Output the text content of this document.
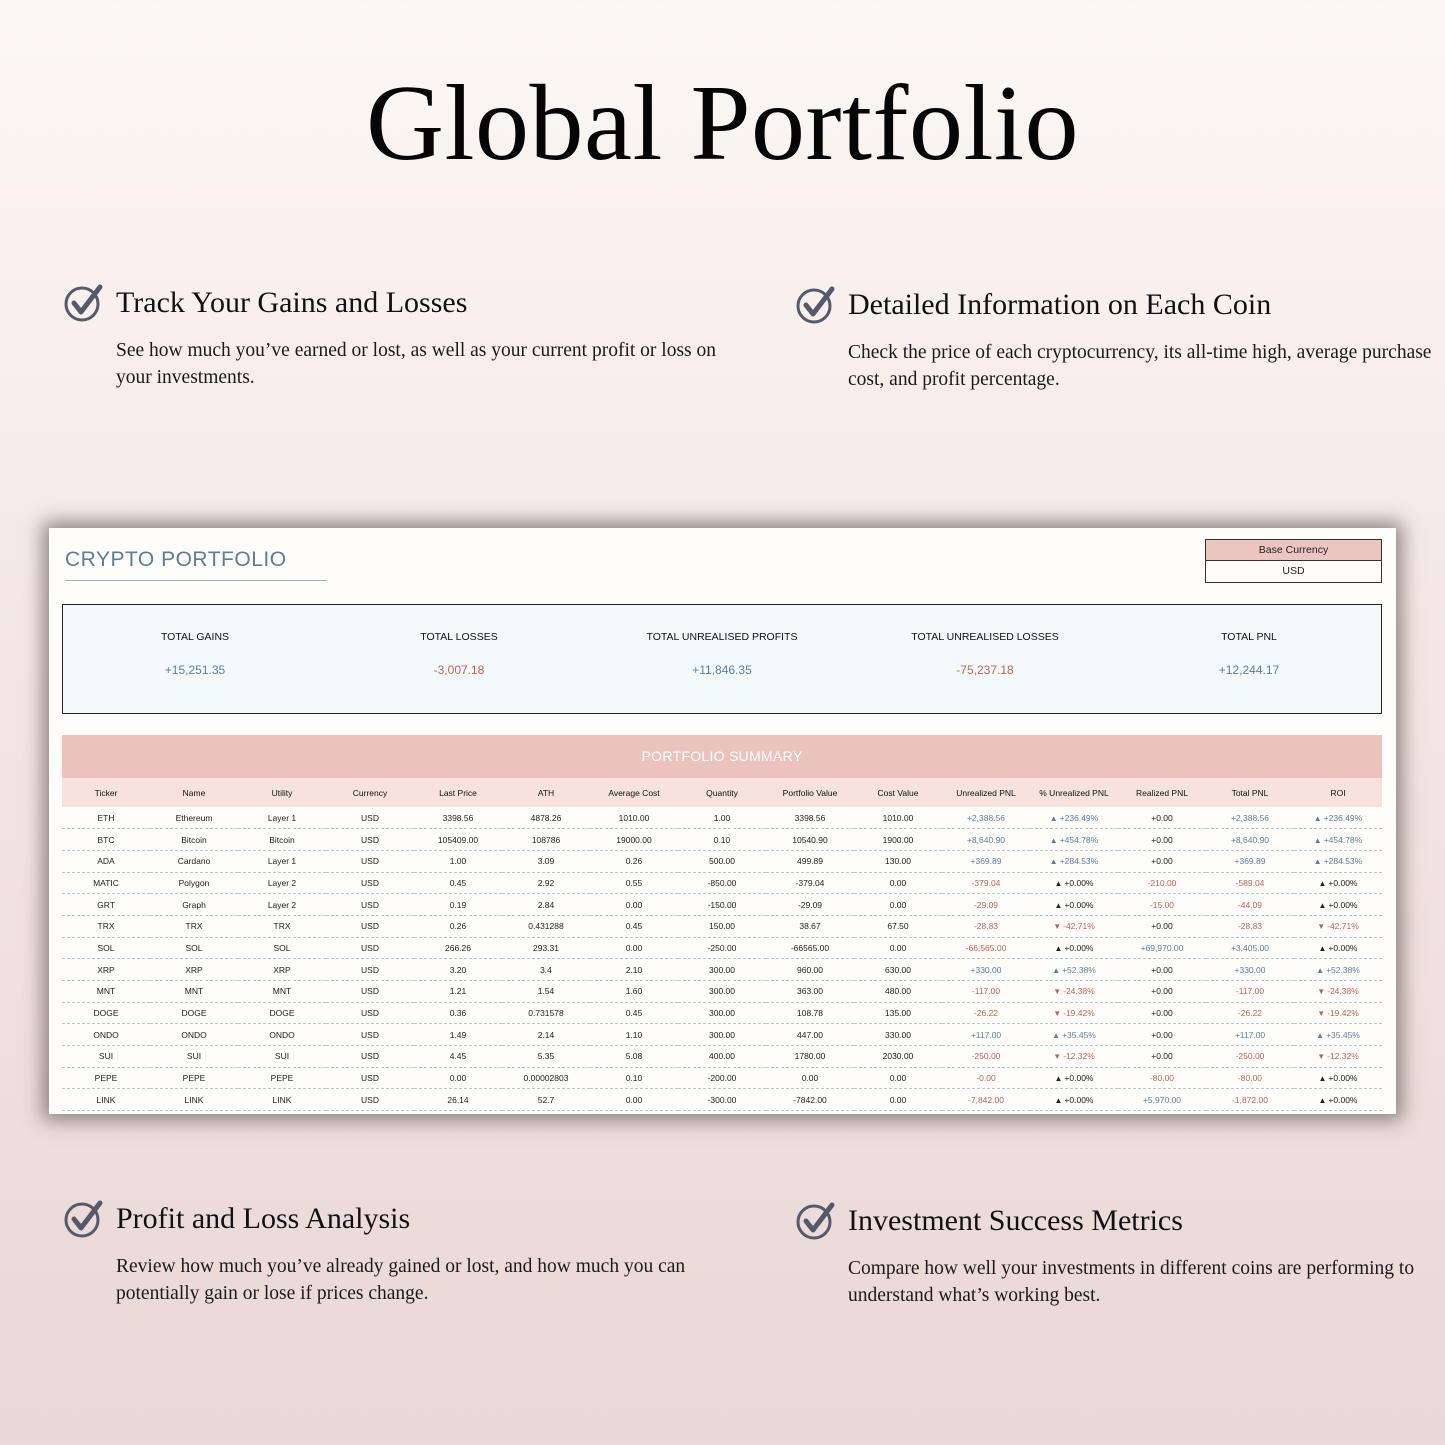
Global Portfolio
Track Your Gains and Losses

See how much you’ve earned or lost, as well as your current profit or loss on your investments.

Detailed Information on Each Coin

Check the price of each cryptocurrency, its all-time high, average purchase cost, and profit percentage.

CRYPTO PORTFOLIO	Base Currency
USD
TOTAL GAINS
+15,251.35
TOTAL LOSSES
-3,007.18
TOTAL UNREALISED PROFITS
+11,846.35
TOTAL UNREALISED LOSSES
-75,237.18
TOTAL PNL
+12,244.17
PORTFOLIO SUMMARY
Ticker	Name	Utility	Currency	Last Price	ATH	Average Cost	Quantity	Portfolio Value	Cost Value	Unrealized PNL	% Unrealized PNL	Realized PNL	Total PNL	ROI
ETH	Ethereum	Layer 1	USD	3398.56	4878.26	1010.00	1.00	3398.56	1010.00	+2,388.56	▲ +236.49%	+0.00	+2,388.56	▲ +236.49%
BTC	Bitcoin	Bitcoin	USD	105409.00	108786	19000.00	0.10	10540.90	1900.00	+8,640.90	▲ +454.78%	+0.00	+8,640.90	▲ +454.78%
ADA	Cardano	Layer 1	USD	1.00	3.09	0.26	500.00	499.89	130.00	+369.89	▲ +284.53%	+0.00	+369.89	▲ +284.53%
MATIC	Polygon	Layer 2	USD	0.45	2.92	0.55	-850.00	-379.04	0.00	-379.04	▲ +0.00%	-210.00	-589.04	▲ +0.00%
GRT	Graph	Layer 2	USD	0.19	2.84	0.00	-150.00	-29.09	0.00	-29.09	▲ +0.00%	-15.00	-44.09	▲ +0.00%
TRX	TRX	TRX	USD	0.26	0.431288	0.45	150.00	38.67	67.50	-28.83	▼ -42.71%	+0.00	-28.83	▼ -42.71%
SOL	SOL	SOL	USD	266.26	293.31	0.00	-250.00	-66565.00	0.00	-66,565.00	▲ +0.00%	+69,970.00	+3,405.00	▲ +0.00%
XRP	XRP	XRP	USD	3.20	3.4	2.10	300.00	960.00	630.00	+330.00	▲ +52.38%	+0.00	+330.00	▲ +52.38%
MNT	MNT	MNT	USD	1.21	1.54	1.60	300.00	363.00	480.00	-117.00	▼ -24.38%	+0.00	-117.00	▼ -24.38%
DOGE	DOGE	DOGE	USD	0.36	0.731578	0.45	300.00	108.78	135.00	-26.22	▼ -19.42%	+0.00	-26.22	▼ -19.42%
ONDO	ONDO	ONDO	USD	1.49	2.14	1.10	300.00	447.00	330.00	+117.00	▲ +35.45%	+0.00	+117.00	▲ +35.45%
SUI	SUI	SUI	USD	4.45	5.35	5.08	400.00	1780.00	2030.00	-250.00	▼ -12.32%	+0.00	-250.00	▼ -12.32%
PEPE	PEPE	PEPE	USD	0.00	0.00002803	0.10	-200.00	0.00	0.00	-0.00	▲ +0.00%	-80.00	-80.00	▲ +0.00%
LINK	LINK	LINK	USD	26.14	52.7	0.00	-300.00	-7842.00	0.00	-7,842.00	▲ +0.00%	+5,970.00	-1,872.00	▲ +0.00%
Profit and Loss Analysis

Review how much you’ve already gained or lost, and how much you can potentially gain or lose if prices change.

Investment Success Metrics

Compare how well your investments in different coins are performing to understand what’s working best.
